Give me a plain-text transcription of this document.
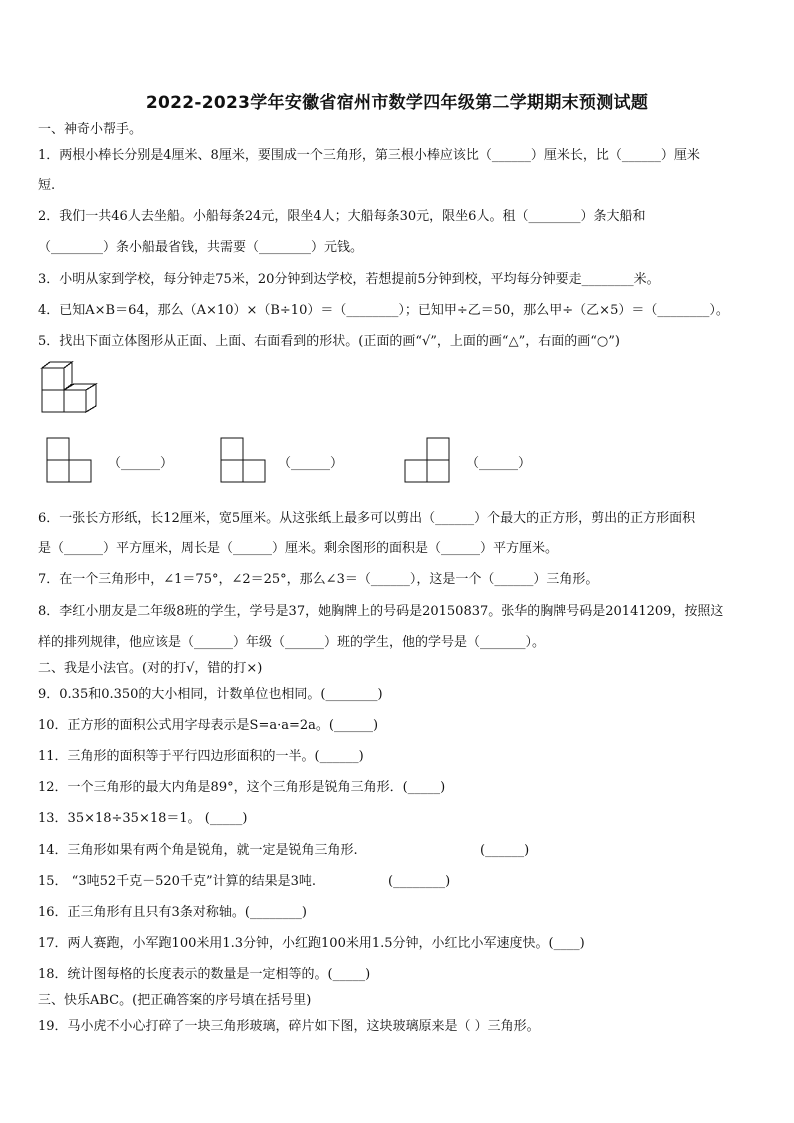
2022-2023学年安徽省宿州市数学四年级第二学期期末预测试题
一、神奇小帮手。
1．两根小棒长分别是4厘米、8厘米，要围成一个三角形，第三根小棒应该比（______）厘米长，比（______）厘米
短.
2．我们一共46人去坐船。小船每条24元，限坐4人；大船每条30元，限坐6人。租（________）条大船和
（________）条小船最省钱，共需要（________）元钱。
3．小明从家到学校，每分钟走75米，20分钟到达学校，若想提前5分钟到校，平均每分钟要走________米。
4．已知A×B＝64，那么（A×10）×（B÷10）＝（________）；已知甲÷乙＝50，那么甲÷（乙×5）＝（________）。
5．找出下面立体图形从正面、上面、右面看到的形状。(正面的画“√”，上面的画“△”，右面的画“○”)
（______）	（______）	（______）
6．一张长方形纸，长12厘米，宽5厘米。从这张纸上最多可以剪出（______）个最大的正方形，剪出的正方形面积
是（______）平方厘米，周长是（______）厘米。剩余图形的面积是（______）平方厘米。
7．在一个三角形中，∠1＝75°，∠2＝25°，那么∠3＝（______），这是一个（______）三角形。
8．李红小朋友是二年级8班的学生，学号是37，她胸牌上的号码是20150837。张华的胸牌号码是20141209，按照这
样的排列规律，他应该是（______）年级（______）班的学生，他的学号是（_______）。
二、我是小法官。(对的打√，错的打×)
9．0.35和0.350的大小相同，计数单位也相同。(________)
10．正方形的面积公式用字母表示是S=a·a=2a。(______)
11．三角形的面积等于平行四边形面积的一半。(______)
12．一个三角形的最大内角是89°，这个三角形是锐角三角形．(_____)
13．35×18÷35×18＝1。 (_____)
14．三角形如果有两个角是锐角，就一定是锐角三角形.	(______)
15． “3吨52千克－520千克”计算的结果是3吨.	(________)
16．正三角形有且只有3条对称轴。(________)
17．两人赛跑，小军跑100米用1.3分钟，小红跑100米用1.5分钟，小红比小军速度快。(____)
18．统计图每格的长度表示的数量是一定相等的。(_____)
三、快乐ABC。(把正确答案的序号填在括号里)
19．马小虎不小心打碎了一块三角形玻璃，碎片如下图，这块玻璃原来是（ ）三角形。
